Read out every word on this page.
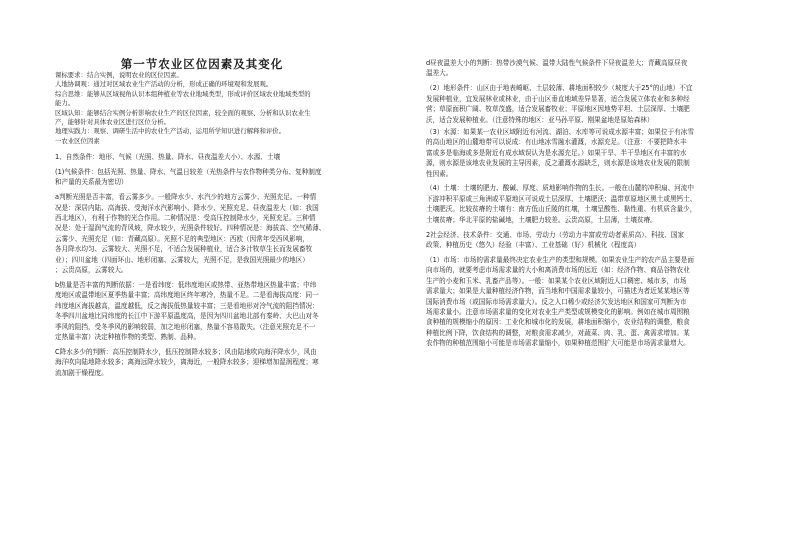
第一节农业区位因素及其变化

课标要求：结合实例，说明农业的区位因素。

人地协调观：通过对区域农业生产活动的分析，形成正确的环境观和发展观。

综合思维：能够从区域视角认识本组种植业等农业地域类型，形成评价区域农业地域类型的

能力。

区域认知：能够结合实例分析影响农业生产的区位因素，较全面的观察、分析和认识农业生

产，能够针对具体农业区进行区位分析。

地理实践力：观察、调研生活中的农业生产活动，运用所学知识进行解释和评价。

一农业区位因素

1、自然条件：地形、气候（光照、热量、降水、昼夜温差大小）、水源、土壤

(1)气候条件：包括光照、热量、降水、气温日较差（光热条件与农作物种类分布、复种制度

和产量的关系最为密切）

a判断光照是否丰富，看云雾多少。一般降水少、水汽少的地方云雾少、光照充足。一种情

况是：深居内陆、高海拔、受海洋水汽影响小、降水少、光照充足、昼夜温差大（如：我国

西北地区），有利于作物的光合作用。二种情况是：受高压控制降水少，光照充足。三种情

况是：处于湿润气流的背风坡，降水较少，光照条件较好。四种情况是：海拔高、空气稀薄、

云雾少、光照充足（如：青藏高原）。光照不足的典型地区：西欧（因常年受西风影响，

各月降水均匀、云雾较大、光照不足，不适合发展种植业，适合多汁牧草生长而发展畜牧

业）；四川盆地（四面环山、地形闭塞、云雾较大，光照不足，是我国光照最少的地区）

；云贵高原，云雾较大。

b热量是否丰富的判断依据：一是看纬度：低纬度地区或热带、亚热带地区热量丰富；中纬

度地区或温带地区夏季热量丰富；高纬度地区终年寒冷，热量不足。二是看海拔高度：同一

纬度地区海拔越高，温度越低，反之海拔低热量较丰富；三是看地形对冷气流的阻挡情况：

冬季四川盆地比同纬度的长江中下游平原温度高，是因为四川盆地北部有秦岭、大巴山对冬

季风的阻挡，受冬季风的影响较弱，加之地形闭塞，热量不容易散失。（注意光照充足不一

定热量丰富）决定种植作物的类型、熟制、品种。

C降水多少的判断：高压控制降水少，低压控制降水较多；风由陆地吹向海洋降水少，风由

海洋吹向陆地降水较多；离海远降水较少，离海近，一般降水较多；迎梯增加湿润程度；寒

流加剧干燥程度。

d昼夜温差大小的判断：热带沙漠气候、温带大陆性气候条件下昼夜温差大；青藏高原昼夜

温差大。

（2）地形条件：山区由于地表崎岖、土层较薄、耕地面积较少（坡度大于25°的山地）不宜

发展种植业，宜发展林业或林业，由于山区垂直地域差异显著，适合发展立体农业和多种经

营；草原面积广阔、牧草茂盛，适合发展畜牧业；平原地区因地势平坦、土层深厚、土壤肥

沃，适合发展种植业。（注意特殊的地区：亚马孙平原、刚果盆地是原始森林）

（3）水源：如果某一农业区域附近有河流、湖泊、水库等可说成水源丰富；如果位于有冰雪

的高山地区的山麓地带可以说成：有山地冰雪融水灌溉，水源充足。（注意：不要把降水丰

富或多是临海或多是附近有成水域误认为是水源充足。）如果干旱、半干旱地区有丰富的水

源，则水源是该地农业发展的主导因素，反之灌溉水源缺乏，则水源是该地农业发展的限制

性因素。

（4）土壤：土壤的肥力、酸碱、厚度、质地影响作物的生长。一般在山麓的冲积扇、河流中

下游冲积平原或三角洲或平原地区可说成土层深厚、土壤肥沃；温带草原地区黑土或黑钙土、

土壤肥沃。比较贫瘠的土壤有：南方低山丘陵的红壤，土壤呈酸性、黏性重、有机质含量少，

土壤贫瘠；华北平原的盐碱地，土壤肥力较差。云贵高原，土层薄，土壤贫瘠。

2社会经济、技术条件：交通、市场、劳动力（劳动力丰富或劳动者素质高）、科技、国家

政策、种植历史（悠久）经验（丰富）、工业基础（好）机械化（程度高）

（1）市场：市场的需求量最终决定农业生产的类型和规模。如果农业生产的农产品主要是面

向市场的，就要考虑市场需求量的大小和离消费市场的远近（如：经济作物、商品谷物农业

生产的小麦和玉米、乳畜产品等）。一般：如果某个农业区域附近人口稠密、城市多，市场

需求量大；如果是大量种植经济作物，而当地和中国需求量较小，可描述为者近某某地区等

国际消费市场（或国际市场需求量大）。反之人口稀少或经济欠发达地区和国家可判断为市

场需求量小。注意市场需求量的变化对农业生产类型或规模变化的影响。例如在城市周围粮

食种植的规模缩小的原因：工业化和城市化的发展，耕地面积缩小，农业结构的调整，粮食

种植比例下降，饮食结构的调整，对粮食需求减少，对蔬菜、肉、乳、蛋、禽需求增加。某

农作物的种植范围缩小可能是市场需求量缩小，如果种植范围扩大可能是市场需求量增大。
